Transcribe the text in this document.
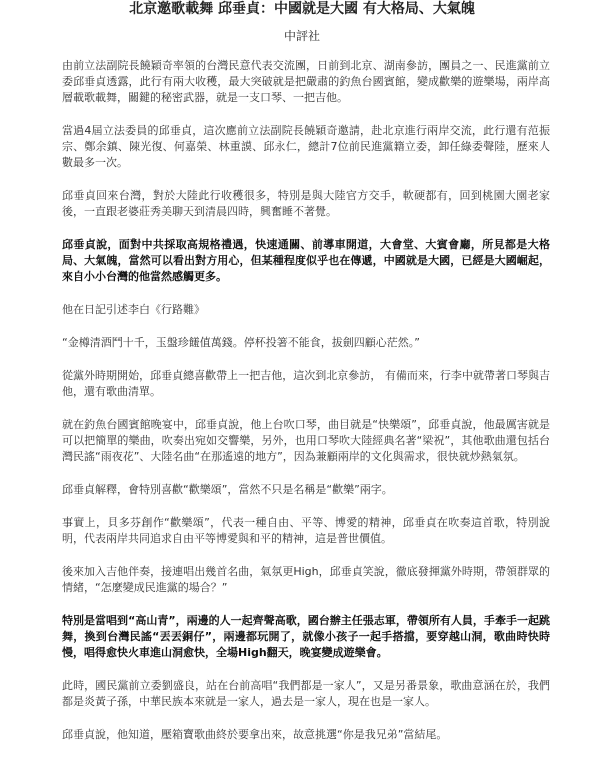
北京邀歌載舞 邱垂貞：中國就是大國 有大格局、大氣魄
中評社

由前立法副院長饒穎奇率領的台灣民意代表交流團，日前到北京、湖南參訪，團員之一、民進黨前立委邱垂貞透露，此行有兩大收穫，最大突破就是把嚴肅的釣魚台國賓館，變成歡樂的遊樂場，兩岸高層載歌載舞，關鍵的秘密武器，就是一支口琴、一把吉他。

當過4屆立法委員的邱垂貞，這次應前立法副院長饒穎奇邀請，赴北京進行兩岸交流，此行還有范振宗、鄭余鎮、陳光復、何嘉榮、林重謨、邱永仁，總計7位前民進黨籍立委，卸任綠委聲陸，歷來人數最多一次。

邱垂貞回來台灣，對於大陸此行收穫很多，特別是與大陸官方交手，軟硬都有，回到桃園大園老家後，一直跟老婆莊秀美聊天到清晨四時，興奮睡不著覺。

邱垂貞說，面對中共採取高規格禮遇，快速通關、前導車開道，大會堂、大賓會廳，所見都是大格局、大氣魄，當然可以看出對方用心，但某種程度似乎也在傳遞，中國就是大國，已經是大國崛起，來自小小台灣的他當然感觸更多。

他在日記引述李白《行路難》

“金樽清酒鬥十千，玉盤珍饈值萬錢。停杯投箸不能食，拔劍四顧心茫然。”

從黨外時期開始，邱垂貞總喜歡帶上一把吉他，這次到北京參訪， 有備而來，行李中就帶著口琴與吉他，還有歌曲清單。

就在釣魚台國賓館晚宴中，邱垂貞說，他上台吹口琴，曲目就是“快樂頌”，邱垂貞說，他最厲害就是可以把簡單的樂曲，吹奏出宛如交響樂，另外，也用口琴吹大陸經典名著“梁祝”，其他歌曲還包括台灣民謠“雨夜花”、大陸名曲“在那遙遠的地方”，因為兼顧兩岸的文化與需求，很快就炒熱氣氛。

邱垂貞解釋，會特別喜歡“歡樂頌”，當然不只是名稱是“歡樂”兩字。

事實上，貝多芬創作“歡樂頌”，代表一種自由、平等、博愛的精神，邱垂貞在吹奏這首歌，特別說明，代表兩岸共同追求自由平等博愛與和平的精神，這是普世價值。

後來加入吉他伴奏，接連唱出幾首名曲，氣氛更High，邱垂貞笑說，徹底發揮黨外時期，帶領群眾的情緒，“怎麼變成民進黨的場合？”

特別是當唱到“高山青”，兩邊的人一起齊聲高歌，國台辦主任張志軍，帶領所有人員，手牽手一起跳舞，換到台灣民謠“丟丟銅仔”，兩邊都玩開了，就像小孩子一起手搭擋，要穿越山洞，歌曲時快時慢，唱得愈快火車進山洞愈快，全場High翻天，晚宴變成遊樂會。

此時，國民黨前立委劉盛良，站在台前高唱“我們都是一家人”，又是另番景象，歌曲意涵在於，我們都是炎黃子孫，中華民族本來就是一家人，過去是一家人，現在也是一家人。

邱垂貞說，他知道，壓箱寶歌曲終於要拿出來，故意挑選“你是我兄弟”當結尾。
